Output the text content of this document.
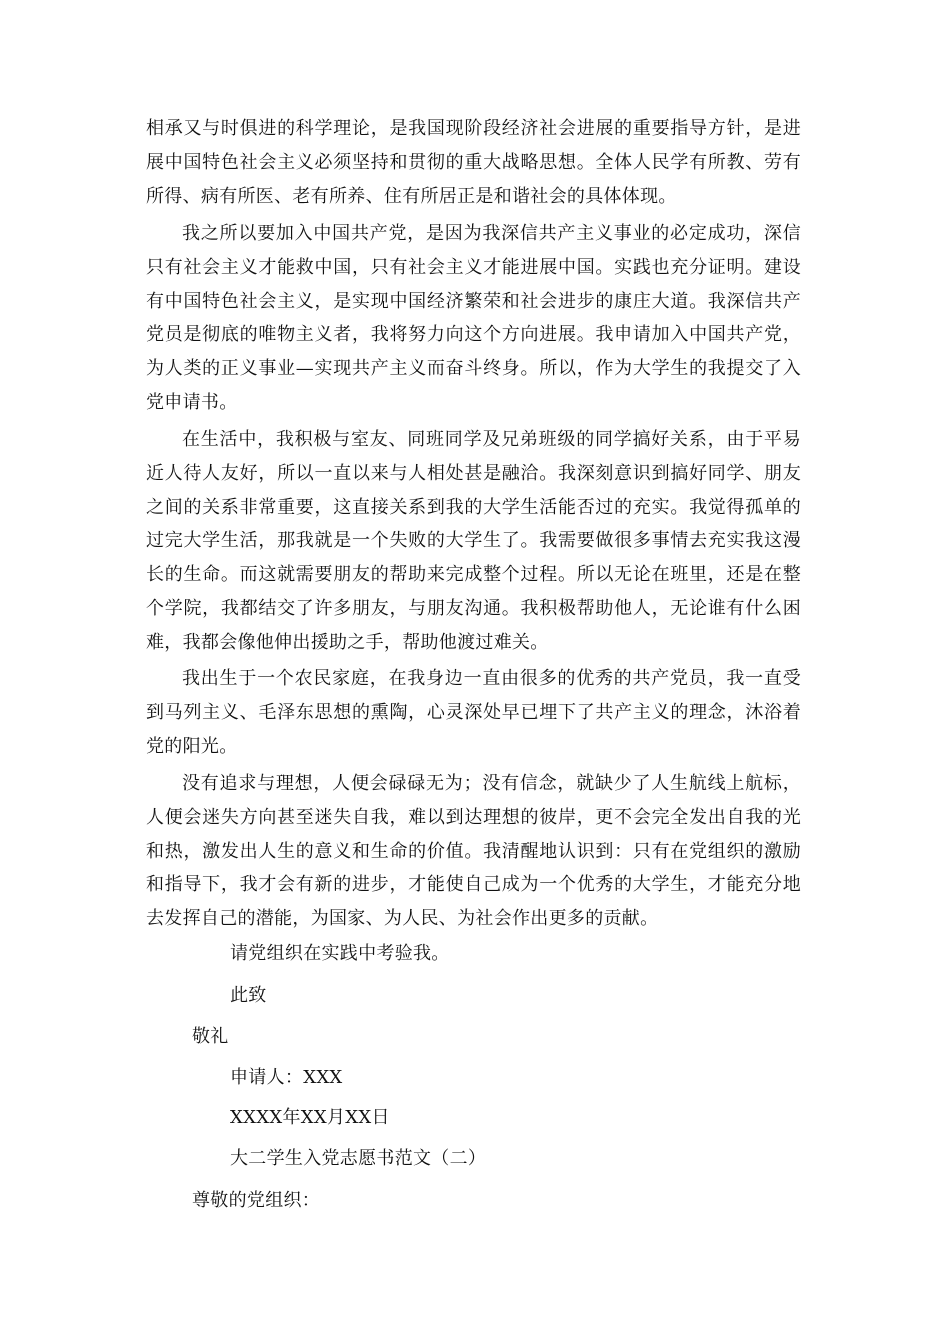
相承又与时俱进的科学理论，是我国现阶段经济社会进展的重要指导方针，是进展中国特色社会主义必须坚持和贯彻的重大战略思想。全体人民学有所教、劳有所得、病有所医、老有所养、住有所居正是和谐社会的具体体现。

我之所以要加入中国共产党，是因为我深信共产主义事业的必定成功，深信只有社会主义才能救中国，只有社会主义才能进展中国。实践也充分证明。建设有中国特色社会主义，是实现中国经济繁荣和社会进步的康庄大道。我深信共产党员是彻底的唯物主义者，我将努力向这个方向进展。我申请加入中国共产党，为人类的正义事业—实现共产主义而奋斗终身。所以，作为大学生的我提交了入党申请书。

在生活中，我积极与室友、同班同学及兄弟班级的同学搞好关系，由于平易近人待人友好，所以一直以来与人相处甚是融洽。我深刻意识到搞好同学、朋友之间的关系非常重要，这直接关系到我的大学生活能否过的充实。我觉得孤单的过完大学生活，那我就是一个失败的大学生了。我需要做很多事情去充实我这漫长的生命。而这就需要朋友的帮助来完成整个过程。所以无论在班里，还是在整个学院，我都结交了许多朋友，与朋友沟通。我积极帮助他人，无论谁有什么困难，我都会像他伸出援助之手，帮助他渡过难关。

我出生于一个农民家庭，在我身边一直由很多的优秀的共产党员，我一直受到马列主义、毛泽东思想的熏陶，心灵深处早已埋下了共产主义的理念，沐浴着党的阳光。

没有追求与理想，人便会碌碌无为；没有信念，就缺少了人生航线上航标，人便会迷失方向甚至迷失自我，难以到达理想的彼岸，更不会完全发出自我的光和热，激发出人生的意义和生命的价值。我清醒地认识到：只有在党组织的激励和指导下，我才会有新的进步，才能使自己成为一个优秀的大学生，才能充分地去发挥自己的潜能，为国家、为人民、为社会作出更多的贡献。

请党组织在实践中考验我。

此致

敬礼

申请人：XXX

XXXX年XX月XX日

大二学生入党志愿书范文（二）

尊敬的党组织：
